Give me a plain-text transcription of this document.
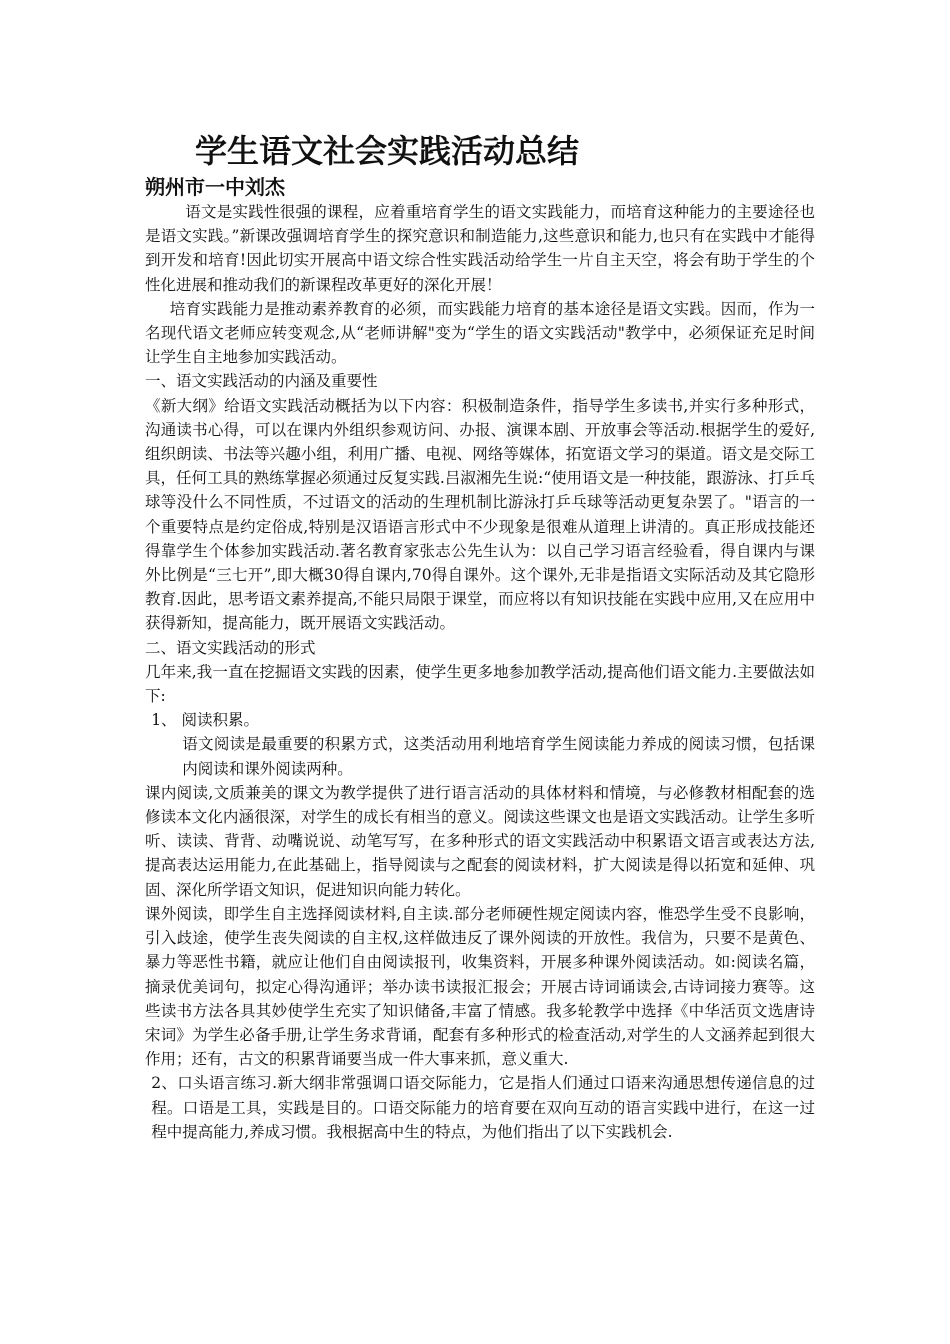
学生语文社会实践活动总结
朔州市一中刘杰

语文是实践性很强的课程，应着重培育学生的语文实践能力，而培育这种能力的主要途径也是语文实践。”新课改强调培育学生的探究意识和制造能力,这些意识和能力,也只有在实践中才能得到开发和培育!因此切实开展高中语文综合性实践活动给学生一片自主天空，将会有助于学生的个性化进展和推动我们的新课程改革更好的深化开展！

培育实践能力是推动素养教育的必须，而实践能力培育的基本途径是语文实践。因而，作为一名现代语文老师应转变观念,从“老师讲解"变为“学生的语文实践活动"教学中，必须保证充足时间让学生自主地参加实践活动。

一、语文实践活动的内涵及重要性

《新大纲》给语文实践活动概括为以下内容：积极制造条件，指导学生多读书,并实行多种形式，沟通读书心得，可以在课内外组织参观访问、办报、演课本剧、开放事会等活动.根据学生的爱好,组织朗读、书法等兴趣小组，利用广播、电视、网络等媒体，拓宽语文学习的渠道。语文是交际工具，任何工具的熟练掌握必须通过反复实践.吕淑湘先生说:“使用语文是一种技能，跟游泳、打乒乓球等没什么不同性质，不过语文的活动的生理机制比游泳打乒乓球等活动更复杂罢了。"语言的一个重要特点是约定俗成,特别是汉语语言形式中不少现象是很难从道理上讲清的。真正形成技能还得靠学生个体参加实践活动.著名教育家张志公先生认为：以自己学习语言经验看，得自课内与课外比例是“三七开”,即大概30得自课内,70得自课外。这个课外,无非是指语文实际活动及其它隐形教育.因此，思考语文素养提高,不能只局限于课堂，而应将以有知识技能在实践中应用,又在应用中获得新知，提高能力，既开展语文实践活动。

二、语文实践活动的形式

几年来,我一直在挖掘语文实践的因素，使学生更多地参加教学活动,提高他们语文能力.主要做法如下:

1、 阅读积累。

语文阅读是最重要的积累方式，这类活动用利地培育学生阅读能力养成的阅读习惯，包括课内阅读和课外阅读两种。

课内阅读,文质兼美的课文为教学提供了进行语言活动的具体材料和情境，与必修教材相配套的选修读本文化内涵很深，对学生的成长有相当的意义。阅读这些课文也是语文实践活动。让学生多听听、读读、背背、动嘴说说、动笔写写，在多种形式的语文实践活动中积累语文语言或表达方法,提高表达运用能力,在此基础上，指导阅读与之配套的阅读材料，扩大阅读是得以拓宽和延伸、巩固、深化所学语文知识，促进知识向能力转化。

课外阅读，即学生自主选择阅读材料,自主读.部分老师硬性规定阅读内容，惟恐学生受不良影响，引入歧途，使学生丧失阅读的自主权,这样做违反了课外阅读的开放性。我信为，只要不是黄色、暴力等恶性书籍，就应让他们自由阅读报刊，收集资料，开展多种课外阅读活动。如:阅读名篇，摘录优美词句，拟定心得沟通评；举办读书读报汇报会；开展古诗词诵读会,古诗词接力赛等。这些读书方法各具其妙使学生充实了知识储备,丰富了情感。我多轮教学中选择《中华活页文选唐诗宋词》为学生必备手册,让学生务求背诵，配套有多种形式的检查活动,对学生的人文涵养起到很大作用；还有，古文的积累背诵要当成一件大事来抓，意义重大.

2、口头语言练习.新大纲非常强调口语交际能力，它是指人们通过口语来沟通思想传递信息的过程。口语是工具，实践是目的。口语交际能力的培育要在双向互动的语言实践中进行，在这一过程中提高能力,养成习惯。我根据高中生的特点，为他们指出了以下实践机会.
